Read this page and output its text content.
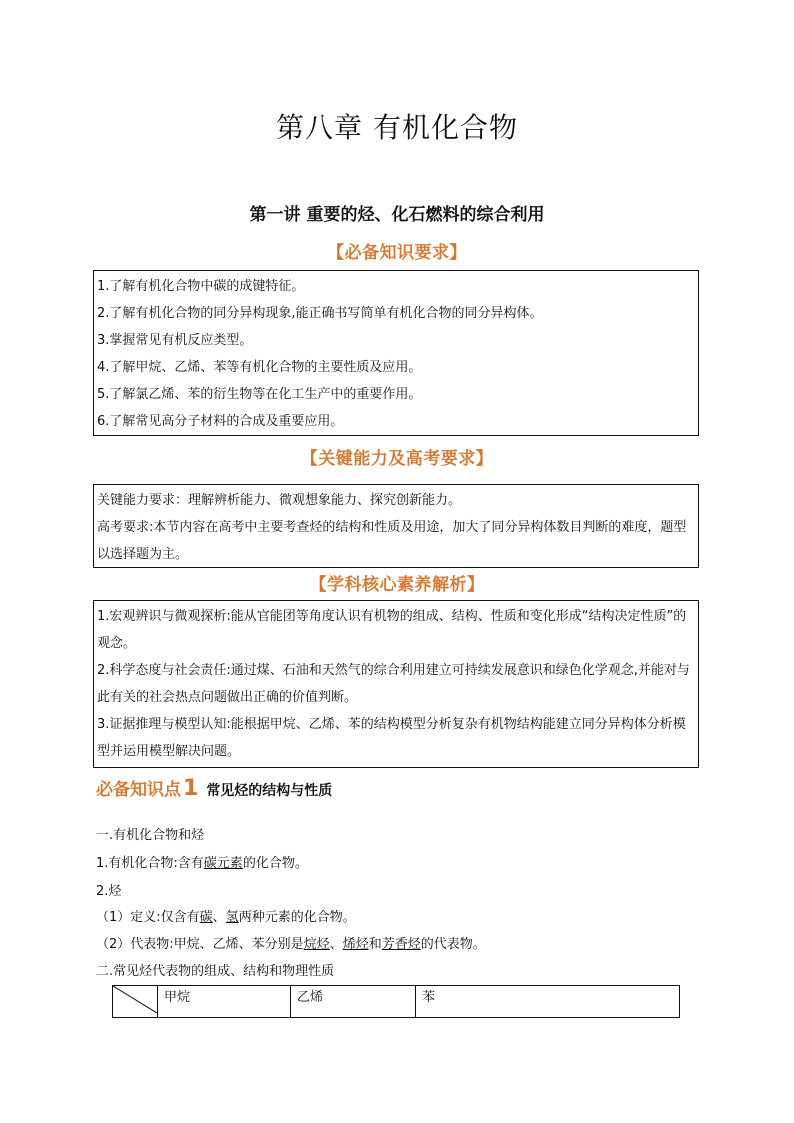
第八章 有机化合物
第一讲 重要的烃、化石燃料的综合利用
【必备知识要求】

1.了解有机化合物中碳的成键特征。

2.了解有机化合物的同分异构现象,能正确书写简单有机化合物的同分异构体。

3.掌握常见有机反应类型。

4.了解甲烷、乙烯、苯等有机化合物的主要性质及应用。

5.了解氯乙烯、苯的衍生物等在化工生产中的重要作用。

6.了解常见高分子材料的合成及重要应用。

【关键能力及高考要求】

关键能力要求：理解辨析能力、微观想象能力、探究创新能力。

高考要求:本节内容在高考中主要考查烃的结构和性质及用途，加大了同分异构体数目判断的难度，题型以选择题为主。

【学科核心素养解析】

1.宏观辨识与微观探析:能从官能团等角度认识有机物的组成、结构、性质和变化形成“结构决定性质”的观念。

2.科学态度与社会责任:通过煤、石油和天然气的综合利用建立可持续发展意识和绿色化学观念,并能对与此有关的社会热点问题做出正确的价值判断。

3.证据推理与模型认知:能根据甲烷、乙烯、苯的结构模型分析复杂有机物结构能建立同分异构体分析模型并运用模型解决问题。

必备知识点1 常见烃的结构与性质
一.有机化合物和烃
1.有机化合物:含有碳元素的化合物。
2.烃
（1）定义:仅含有碳、氢两种元素的化合物。
（2）代表物:甲烷、乙烯、苯分别是烷烃、烯烃和芳香烃的代表物。
二.常见烃代表物的组成、结构和物理性质
	甲烷	乙烯	苯
